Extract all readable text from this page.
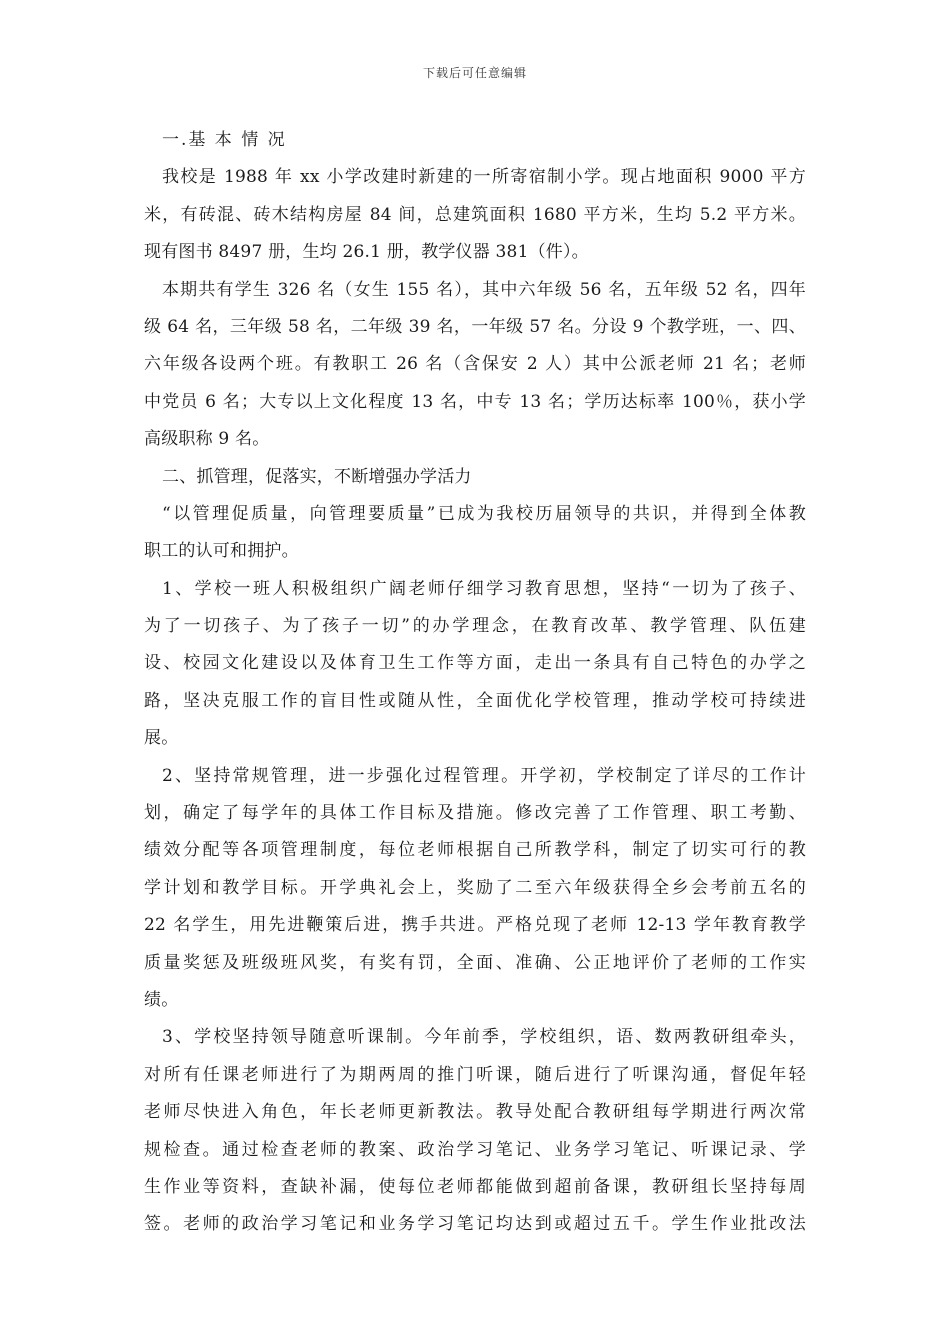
下载后可任意编辑
一.基 本 情 况
我校是 1988 年 xx 小学改建时新建的一所寄宿制小学。现占地面积 9000 平方
米，有砖混、砖木结构房屋 84 间，总建筑面积 1680 平方米，生均 5.2 平方米。
现有图书 8497 册，生均 26.1 册，教学仪器 381（件）。
本期共有学生 326 名（女生 155 名），其中六年级 56 名，五年级 52 名，四年
级 64 名，三年级 58 名，二年级 39 名，一年级 57 名。分设 9 个教学班，一、四、
六年级各设两个班。有教职工 26 名（含保安 2 人）其中公派老师 21 名；老师
中党员 6 名；大专以上文化程度 13 名，中专 13 名；学历达标率 100％，获小学
高级职称 9 名。
二、抓管理，促落实，不断增强办学活力
“以管理促质量，向管理要质量”已成为我校历届领导的共识，并得到全体教
职工的认可和拥护。
1、学校一班人积极组织广阔老师仔细学习教育思想，坚持“一切为了孩子、
为了一切孩子、为了孩子一切”的办学理念，在教育改革、教学管理、队伍建
设、校园文化建设以及体育卫生工作等方面，走出一条具有自己特色的办学之
路，坚决克服工作的盲目性或随从性，全面优化学校管理，推动学校可持续进
展。
2、坚持常规管理，进一步强化过程管理。开学初，学校制定了详尽的工作计
划，确定了每学年的具体工作目标及措施。修改完善了工作管理、职工考勤、
绩效分配等各项管理制度，每位老师根据自己所教学科，制定了切实可行的教
学计划和教学目标。开学典礼会上，奖励了二至六年级获得全乡会考前五名的
22 名学生，用先进鞭策后进，携手共进。严格兑现了老师 12-13 学年教育教学
质量奖惩及班级班风奖，有奖有罚，全面、准确、公正地评价了老师的工作实
绩。
3、学校坚持领导随意听课制。今年前季，学校组织，语、数两教研组牵头，
对所有任课老师进行了为期两周的推门听课，随后进行了听课沟通，督促年轻
老师尽快进入角色，年长老师更新教法。教导处配合教研组每学期进行两次常
规检查。通过检查老师的教案、政治学习笔记、业务学习笔记、听课记录、学
生作业等资料，查缺补漏，使每位老师都能做到超前备课，教研组长坚持每周
签。老师的政治学习笔记和业务学习笔记均达到或超过五千。学生作业批改法
